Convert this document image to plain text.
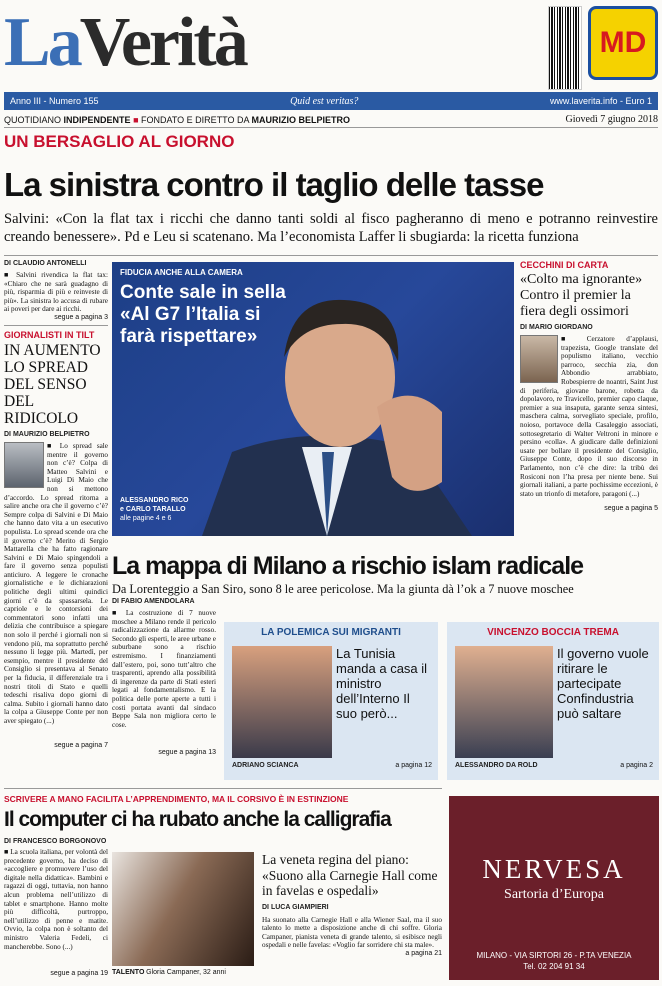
LaVerità	MD
Anno III - Numero 155	Quid est veritas?	www.laverita.info - Euro 1
QUOTIDIANO INDIPENDENTE ■ FONDATO E DIRETTO DA MAURIZIO BELPIETRO	Giovedì 7 giugno 2018
UN BERSAGLIO AL GIORNO
La sinistra contro il taglio delle tasse
Salvini: «Con la flat tax i ricchi che danno tanti soldi al fisco pagheranno di meno e potranno reinvestire creando benessere». Pd e Leu si scatenano. Ma l’economista Laffer li sbugiarda: la ricetta funziona
DI CLAUDIO ANTONELLI
■ Salvini rivendica la flat tax: «Chiaro che ne sarà guadagno di più, risparmia di più e reinveste di più». La sinistra lo accusa di rubare ai poveri per dare ai ricchi.
segue a pagina 3
GIORNALISTI IN TILT
IN AUMENTO LO SPREAD DEL SENSO DEL RIDICOLO
DI MAURIZIO BELPIETRO
■ Lo spread sale mentre il governo non c’è? Colpa di Matteo Salvini e Luigi Di Maio che non si mettono d’accordo. Lo spread ritorna a salire anche ora che il governo c’è? Sempre colpa di Salvini e Di Maio che hanno dato vita a un esecutivo populista. Lo spread scende ora che il governo c’è? Merito di Sergio Mattarella che ha fatto ragionare Salvini e Di Maio spingendoli a fare il governo senza populisti anticiuro. A leggere le cronache giornalistiche e le dichiarazioni politiche degli ultimi quindici giorni c’è da spassarsela. Le capriole e le contorsioni dei commentatori sono infatti una delizia che contribuisce a spiegare non solo il perché i giornali non si vendono più, ma soprattutto perché nessuno li legge più. Martedì, per esempio, mentre il presidente del Consiglio si presentava al Senato per la fiducia, il differenziale tra i nostri titoli di Stato e quelli tedeschi risaliva dopo giorni di calma. Subito i giornali hanno dato la colpa a Giuseppe Conte per non aver spiegato (...)
segue a pagina 7
FIDUCIA ANCHE ALLA CAMERA
Conte sale in sella «Al G7 l’Italia si farà rispettare»
ALESSANDRO RICO
e CARLO TARALLO
alle pagine 4 e 6
CECCHINI DI CARTA
«Colto ma ignorante» Contro il premier la fiera degli ossimori
DI MARIO GIORDANO
■ Cerzatore d’applausi, trapezista, Google translate del populismo italiano, vecchio parroco, secchia zia, don Abbondio arrabbiato, Robespierre de noantri, Saint Just di periferia, giovane barone, robetta da dopolavoro, re Travicello, premier capo claque, premier a sua insaputa, garante senza sintesi, maschera calma, sorvegliato speciale, profilo, noioso, portavoce della Casaleggio associati, sottosegretario di Walter Veltroni in minore e persino «colla». A giudicare dalle definizioni usate per bollare il presidente del Consiglio, Giuseppe Conte, dopo il suo discorso in Parlamento, non c’è che dire: la tribù dei Rosiconi non l’ha presa per niente bene. Sui giornali italiani, a parte pochissime eccezioni, è stato un trionfo di metafore, paragoni (...)
segue a pagina 5
La mappa di Milano a rischio islam radicale
Da Lorenteggio a San Siro, sono 8 le aree pericolose. Ma la giunta dà l’ok a 7 nuove moschee
DI FABIO AMENDOLARA
■ La costruzione di 7 nuove moschee a Milano rende il pericolo radicalizzazione da allarme rosso. Secondo gli esperti, le aree urbane e suburbane sono a rischio estremismo. I finanziamenti dall’estero, poi, sono tutt’altro che trasparenti, aprendo alla possibilità di ingerenze da parte di Stati esteri legati al fondamentalismo. E la politica delle porte aperte a tutti i costi portata avanti dal sindaco Beppe Sala non migliora certo le cose.
segue a pagina 13
LA POLEMICA SUI MIGRANTI
La Tunisia manda a casa il ministro dell’Interno Il suo però...
ADRIANO SCIANCA	a pagina 12
VINCENZO BOCCIA TREMA
Il governo vuole ritirare le partecipate Confindustria può saltare
ALESSANDRO DA ROLD	a pagina 2
SCRIVERE A MANO FACILITA L’APPRENDIMENTO, MA IL CORSIVO È IN ESTINZIONE
Il computer ci ha rubato anche la calligrafia
DI FRANCESCO BORGONOVO
■ La scuola italiana, per volontà del precedente governo, ha deciso di «accogliere e promuovere l’uso del digitale nella didattica». Bambini e ragazzi di oggi, tuttavia, non hanno alcun problema nell’utilizzo di tablet e smartphone. Hanno molte più difficoltà, purtroppo, nell’utilizzo di penne e matite. Ovvio, la colpa non è soltanto del ministro Valeria Fedeli, ci mancherebbe. Sono (...)
segue a pagina 19 TALENTO Gloria Campaner, 32 anni
La veneta regina del piano: «Suono alla Carnegie Hall come in favelas e ospedali»
DI LUCA GIAMPIERI
Ha suonato alla Carnegie Hall e alla Wiener Saal, ma il suo talento lo mette a disposizione anche di chi soffre. Gloria Campaner, pianista veneta di grande talento, si esibisce negli ospedali e nelle favelas: «Voglio far sorridere chi sta male».
a pagina 21
NERVESA
Sartoria d’Europa
MILANO - VIA SIRTORI 26 - P.TA VENEZIA
Tel. 02 204 91 34
